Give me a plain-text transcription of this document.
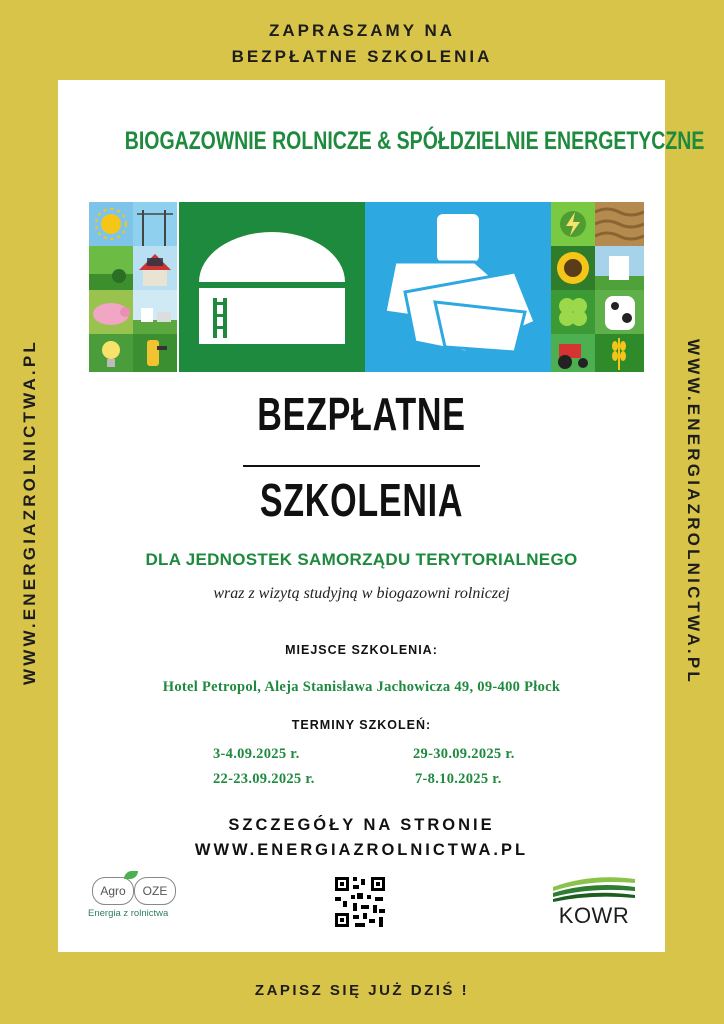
ZAPRASZAMY NA
BEZPŁATNE SZKOLENIA
WWW.ENERGIAZROLNICTWA.PL	WWW.ENERGIAZROLNICTWA.PL
BIOGAZOWNIE ROLNICZE & SPÓŁDZIELNIE ENERGETYCZNE
BEZPŁATNE
SZKOLENIA
DLA JEDNOSTEK SAMORZĄDU TERYTORIALNEGO
wraz z wizytą studyjną w biogazowni rolniczej
MIEJSCE SZKOLENIA:
Hotel Petropol, Aleja Stanisława Jachowicza 49, 09-400 Płock
TERMINY SZKOLEŃ:
3-4.09.2025 r.	29-30.09.2025 r.
22-23.09.2025 r.	7-8.10.2025 r.
SZCZEGÓŁY NA STRONIE
WWW.ENERGIAZROLNICTWA.PL
Agro	OZE
Energia z rolnictwa	KOWR
ZAPISZ SIĘ JUŻ DZIŚ !
